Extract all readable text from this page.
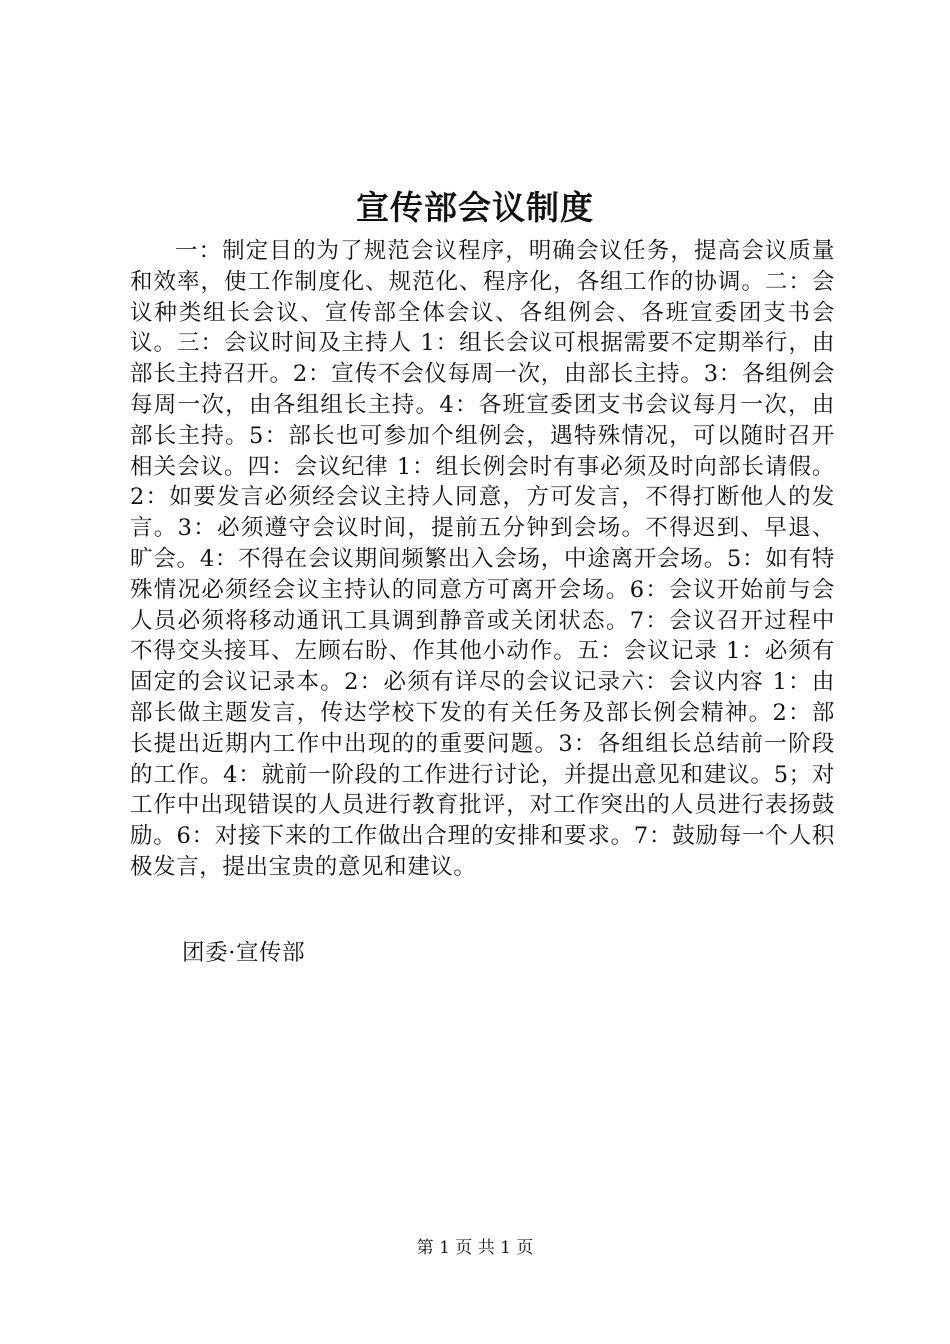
宣传部会议制度

一：制定目的为了规范会议程序，明确会议任务，提高会议质量和效率，使工作制度化、规范化、程序化，各组工作的协调。二：会议种类组长会议、宣传部全体会议、各组例会、各班宣委团支书会议。三：会议时间及主持人 1：组长会议可根据需要不定期举行，由部长主持召开。2：宣传不会仪每周一次，由部长主持。3：各组例会每周一次，由各组组长主持。4：各班宣委团支书会议每月一次，由部长主持。5：部长也可参加个组例会，遇特殊情况，可以随时召开相关会议。四：会议纪律 1：组长例会时有事必须及时向部长请假。2：如要发言必须经会议主持人同意，方可发言，不得打断他人的发言。3：必须遵守会议时间，提前五分钟到会场。不得迟到、早退、旷会。4：不得在会议期间频繁出入会场，中途离开会场。5：如有特殊情况必须经会议主持认的同意方可离开会场。6：会议开始前与会人员必须将移动通讯工具调到静音或关闭状态。7：会议召开过程中不得交头接耳、左顾右盼、作其他小动作。五：会议记录 1：必须有固定的会议记录本。2：必须有详尽的会议记录六：会议内容 1：由部长做主题发言，传达学校下发的有关任务及部长例会精神。2：部长提出近期内工作中出现的的重要问题。3：各组组长总结前一阶段的工作。4：就前一阶段的工作进行讨论，并提出意见和建议。5；对工作中出现错误的人员进行教育批评，对工作突出的人员进行表扬鼓励。6：对接下来的工作做出合理的安排和要求。7：鼓励每一个人积极发言，提出宝贵的意见和建议。

团委·宣传部

第 1 页 共 1 页
